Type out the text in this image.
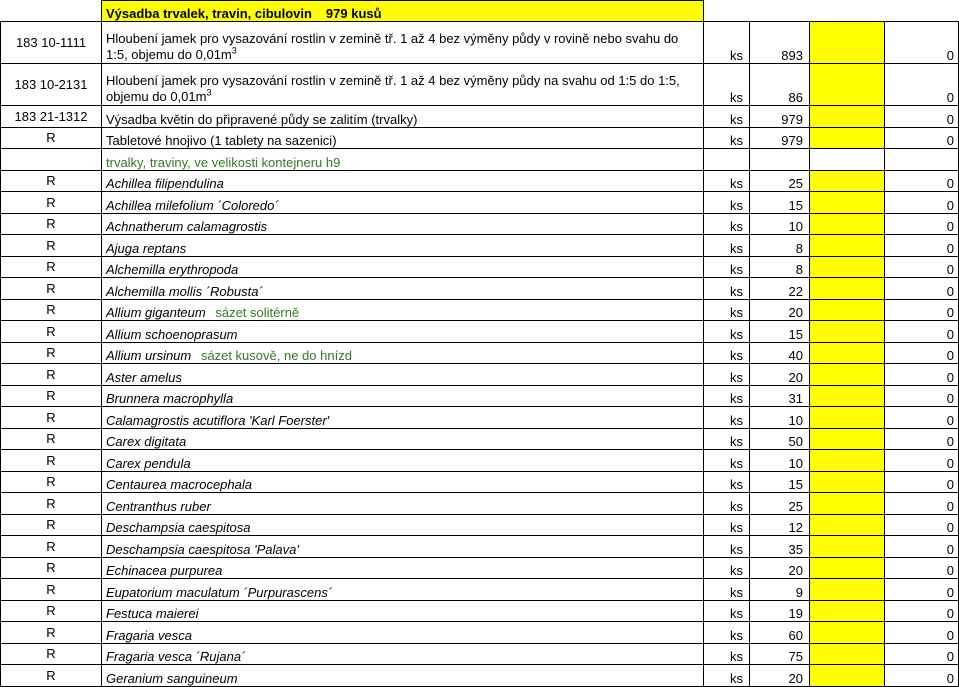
	Výsadba trvalek, travin, cibulovin 979 kusů				
183 10-1111	Hloubení jamek pro vysazování rostlin v zemině tř. 1 až 4 bez výměny půdy v rovině nebo svahu do
1:5, objemu do $0,01m^3$	ks	893		0
183 10-2131	Hloubení jamek pro vysazování rostlin v zemině tř. 1 až 4 bez výměny půdy na svahu od 1:5 do 1:5,
objemu do $0,01m^3$	ks	86		0
183 21-1312	Výsadba květin do připravené půdy se zalitím (trvalky)	ks	979		0
R	Tabletové hnojivo (1 tablety na sazenici)	ks	979		0
	trvalky, traviny, ve velikosti kontejneru h9				
R	Achillea filipendulina	ks	25		0
R	Achillea milefolium ´Coloredo´	ks	15		0
R	Achnatherum calamagrostis	ks	10		0
R	Ajuga reptans	ks	8		0
R	Alchemilla erythropoda	ks	8		0
R	Alchemilla mollis ´Robusta´	ks	22		0
R	Allium giganteum sázet solitérně	ks	20		0
R	Allium schoenoprasum	ks	15		0
R	Allium ursinum sázet kusově, ne do hnízd	ks	40		0
R	Aster amelus	ks	20		0
R	Brunnera macrophylla	ks	31		0
R	Calamagrostis acutiflora 'Karl Foerster'	ks	10		0
R	Carex digitata	ks	50		0
R	Carex pendula	ks	10		0
R	Centaurea macrocephala	ks	15		0
R	Centranthus ruber	ks	25		0
R	Deschampsia caespitosa	ks	12		0
R	Deschampsia caespitosa 'Palava'	ks	35		0
R	Echinacea purpurea	ks	20		0
R	Eupatorium maculatum ´Purpurascens´	ks	9		0
R	Festuca maierei	ks	19		0
R	Fragaria vesca	ks	60		0
R	Fragaria vesca ´Rujana´	ks	75		0
R	Geranium sanguineum	ks	20		0
